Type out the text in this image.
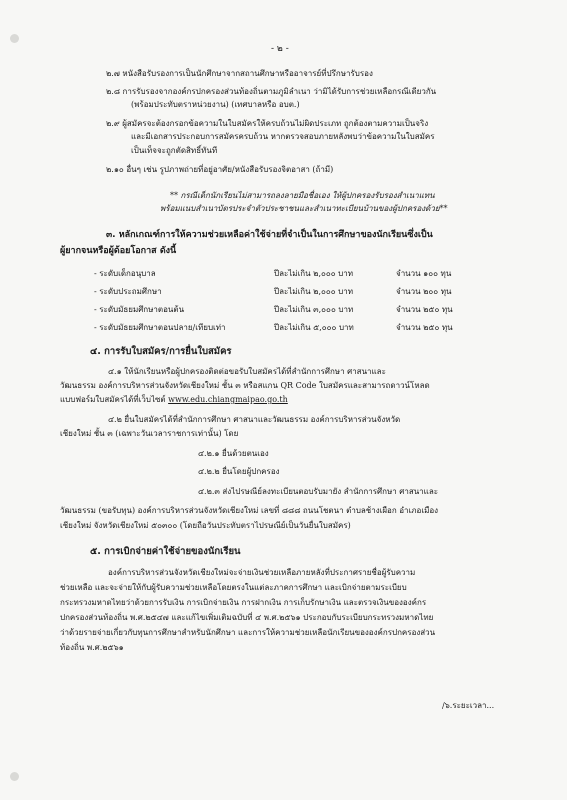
- ๒ -
๒.๗ หนังสือรับรองการเป็นนักศึกษาจากสถานศึกษาหรืออาจารย์ที่ปรึกษารับรอง
๒.๘ การรับรองจากองค์กรปกครองส่วนท้องถิ่นตามภูมิลำเนา ว่ามิได้รับการช่วยเหลือกรณีเดียวกัน
(พร้อมประทับตราหน่วยงาน) (เทศบาลหรือ อบต.)
๒.๙ ผู้สมัครจะต้องกรอกข้อความในใบสมัครให้ครบถ้วนไม่ผิดประเภท ถูกต้องตามความเป็นจริง
และมีเอกสารประกอบการสมัครครบถ้วน หากตรวจสอบภายหลังพบว่าข้อความในใบสมัคร
เป็นเท็จจะถูกตัดสิทธิ์ทันที
๒.๑๐ อื่นๆ เช่น รูปภาพถ่ายที่อยู่อาศัย/หนังสือรับรองจิตอาสา (ถ้ามี)
** กรณีเด็กนักเรียนไม่สามารถลงลายมือชื่อเอง ให้ผู้ปกครองรับรองสำเนาแทน
พร้อมแนบสำเนาบัตรประจำตัวประชาชนและสำเนาทะเบียนบ้านของผู้ปกครองด้วย**
๓. หลักเกณฑ์การให้ความช่วยเหลือค่าใช้จ่ายที่จำเป็นในการศึกษาของนักเรียนซึ่งเป็น
ผู้ยากจนหรือผู้ด้อยโอกาส ดังนี้
- ระดับเด็กอนุบาล	ปีละไม่เกิน ๒,๐๐๐ บาท	จำนวน ๑๐๐ ทุน
- ระดับประถมศึกษา	ปีละไม่เกิน ๒,๐๐๐ บาท	จำนวน ๒๐๐ ทุน
- ระดับมัธยมศึกษาตอนต้น	ปีละไม่เกิน ๓,๐๐๐ บาท	จำนวน ๒๕๐ ทุน
- ระดับมัธยมศึกษาตอนปลาย/เทียบเท่า	ปีละไม่เกิน ๕,๐๐๐ บาท	จำนวน ๒๕๐ ทุน
๔. การรับใบสมัคร/การยื่นใบสมัคร
๔.๑ ให้นักเรียนหรือผู้ปกครองติดต่อขอรับใบสมัครได้ที่สำนักการศึกษา ศาสนาและ
วัฒนธรรม องค์การบริหารส่วนจังหวัดเชียงใหม่ ชั้น ๓ หรือสแกน QR Code ใบสมัครและสามารถดาวน์โหลด
แบบฟอร์มใบสมัครได้ที่เว็บไซต์ www.edu.chiangmaipao.go.th
๔.๒ ยื่นใบสมัครได้ที่สำนักการศึกษา ศาสนาและวัฒนธรรม องค์การบริหารส่วนจังหวัด
เชียงใหม่ ชั้น ๓ (เฉพาะวันเวลาราชการเท่านั้น) โดย
๔.๒.๑ ยื่นด้วยตนเอง
๔.๒.๒ ยื่นโดยผู้ปกครอง
๔.๒.๓ ส่งไปรษณีย์ลงทะเบียนตอบรับมายัง สำนักการศึกษา ศาสนาและ
วัฒนธรรม (ขอรับทุน) องค์การบริหารส่วนจังหวัดเชียงใหม่ เลขที่ ๘๘๘ ถนนโชตนา ตำบลช้างเผือก อำเภอเมือง
เชียงใหม่ จังหวัดเชียงใหม่ ๕๐๓๐๐ (โดยถือวันประทับตราไปรษณีย์เป็นวันยื่นใบสมัคร)
๕. การเบิกจ่ายค่าใช้จ่ายของนักเรียน
องค์การบริหารส่วนจังหวัดเชียงใหม่จะจ่ายเงินช่วยเหลือภายหลังที่ประกาศรายชื่อผู้รับความ
ช่วยเหลือ และจะจ่ายให้กับผู้รับความช่วยเหลือโดยตรงในแต่ละภาคการศึกษา และเบิกจ่ายตามระเบียบ
กระทรวงมหาดไทยว่าด้วยการรับเงิน การเบิกจ่ายเงิน การฝากเงิน การเก็บรักษาเงิน และตรวจเงินขององค์กร
ปกครองส่วนท้องถิ่น พ.ศ.๒๕๔๗ และแก้ไขเพิ่มเติมฉบับที่ ๔ พ.ศ.๒๕๖๑ ประกอบกับระเบียบกระทรวงมหาดไทย
ว่าด้วยรายจ่ายเกี่ยวกับทุนการศึกษาสำหรับนักศึกษา และการให้ความช่วยเหลือนักเรียนขององค์กรปกครองส่วน
ท้องถิ่น พ.ศ.๒๕๖๑
/๖.ระยะเวลา...
